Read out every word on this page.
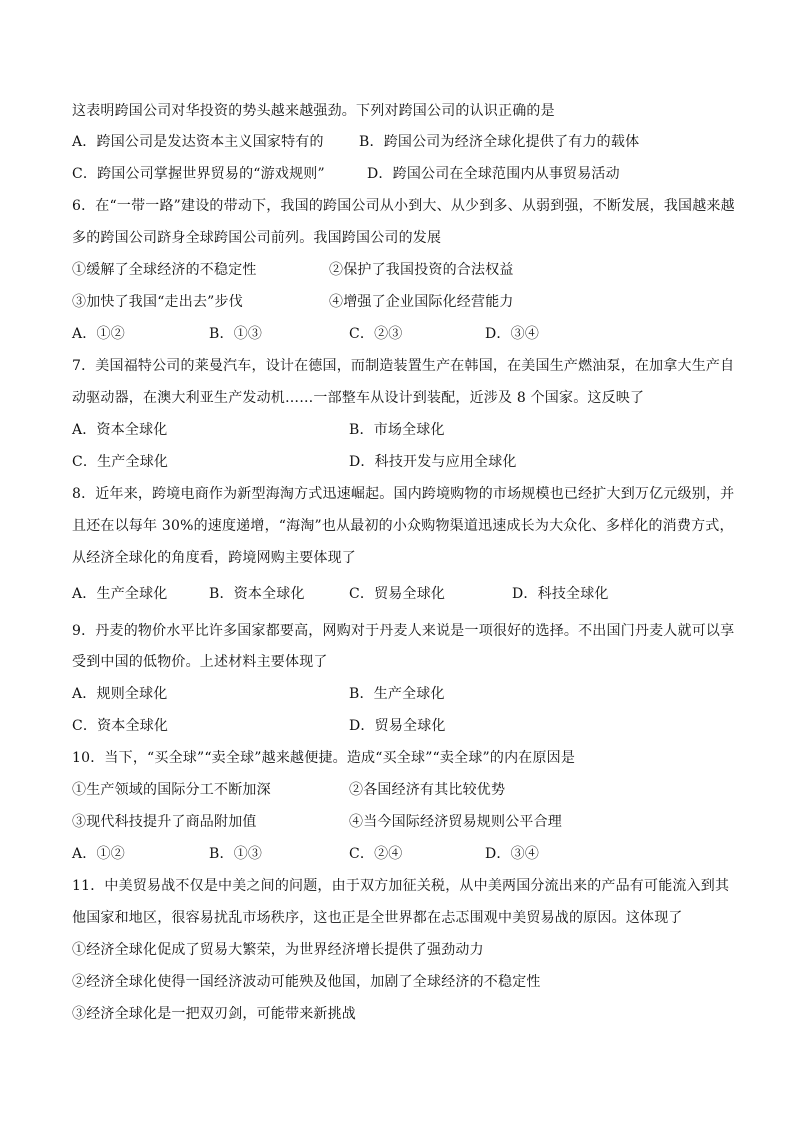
这表明跨国公司对华投资的势头越来越强劲。下列对跨国公司的认识正确的是
A．跨国公司是发达资本主义国家特有的	B．跨国公司为经济全球化提供了有力的载体
C．跨国公司掌握世界贸易的“游戏规则”	D．跨国公司在全球范围内从事贸易活动
6．在“一带一路”建设的带动下，我国的跨国公司从小到大、从少到多、从弱到强，不断发展，我国越来越
多的跨国公司跻身全球跨国公司前列。我国跨国公司的发展
①缓解了全球经济的不稳定性	②保护了我国投资的合法权益
③加快了我国“走出去”步伐	④增强了企业国际化经营能力
A．①②	B．①③	C．②③	D．③④
7．美国福特公司的莱曼汽车，设计在德国，而制造装置生产在韩国，在美国生产燃油泵，在加拿大生产自
动驱动器，在澳大利亚生产发动机……一部整车从设计到装配，近涉及 8 个国家。这反映了
A．资本全球化	B．市场全球化
C．生产全球化	D．科技开发与应用全球化
8．近年来，跨境电商作为新型海淘方式迅速崛起。国内跨境购物的市场规模也已经扩大到万亿元级别，并
且还在以每年 30%的速度递增，“海淘”也从最初的小众购物渠道迅速成长为大众化、多样化的消费方式，
从经济全球化的角度看，跨境网购主要体现了
A．生产全球化	B．资本全球化	C．贸易全球化	D．科技全球化
9．丹麦的物价水平比许多国家都要高，网购对于丹麦人来说是一项很好的选择。不出国门丹麦人就可以享
受到中国的低物价。上述材料主要体现了
A．规则全球化	B．生产全球化
C．资本全球化	D．贸易全球化
10．当下，“买全球”“卖全球”越来越便捷。造成“买全球”“卖全球”的内在原因是
①生产领域的国际分工不断加深	②各国经济有其比较优势
③现代科技提升了商品附加值	④当今国际经济贸易规则公平合理
A．①②	B．①③	C．②④	D．③④
11．中美贸易战不仅是中美之间的问题，由于双方加征关税，从中美两国分流出来的产品有可能流入到其
他国家和地区，很容易扰乱市场秩序，这也正是全世界都在忐忑围观中美贸易战的原因。这体现了
①经济全球化促成了贸易大繁荣，为世界经济增长提供了强劲动力
②经济全球化使得一国经济波动可能殃及他国，加剧了全球经济的不稳定性
③经济全球化是一把双刃剑，可能带来新挑战
